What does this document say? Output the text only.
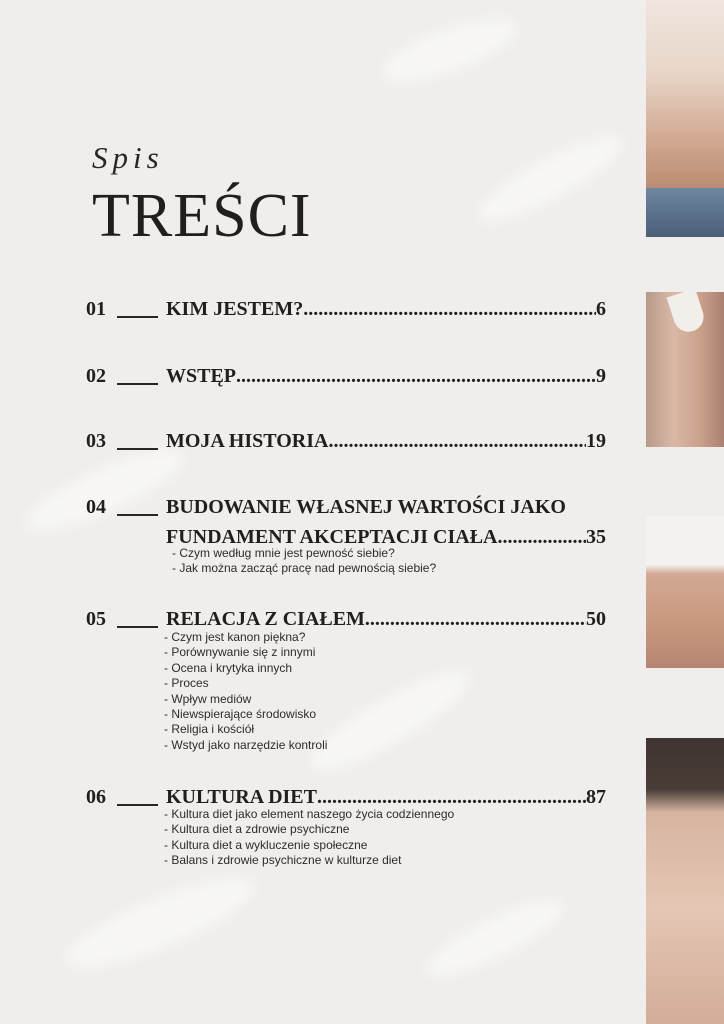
Spis
TREŚCI
01	KIM JESTEM? .....	6
02	WSTĘP .....	9
03	MOJA HISTORIA .....	19
04	BUDOWANIE WŁASNEJ WARTOŚCI JAKO
FUNDAMENT AKCEPTACJI CIAŁA .....	35
- Czym według mnie jest pewność siebie?
- Jak można zacząć pracę nad pewnością siebie?
05	RELACJA Z CIAŁEM .....	50
- Czym jest kanon piękna?
- Porównywanie się z innymi
- Ocena i krytyka innych
- Proces
- Wpływ mediów
- Niewspierające środowisko
- Religia i kościół
- Wstyd jako narzędzie kontroli
06	KULTURA DIET .....	87
- Kultura diet jako element naszego życia codziennego
- Kultura diet a zdrowie psychiczne
- Kultura diet a wykluczenie społeczne
- Balans i zdrowie psychiczne w kulturze diet
